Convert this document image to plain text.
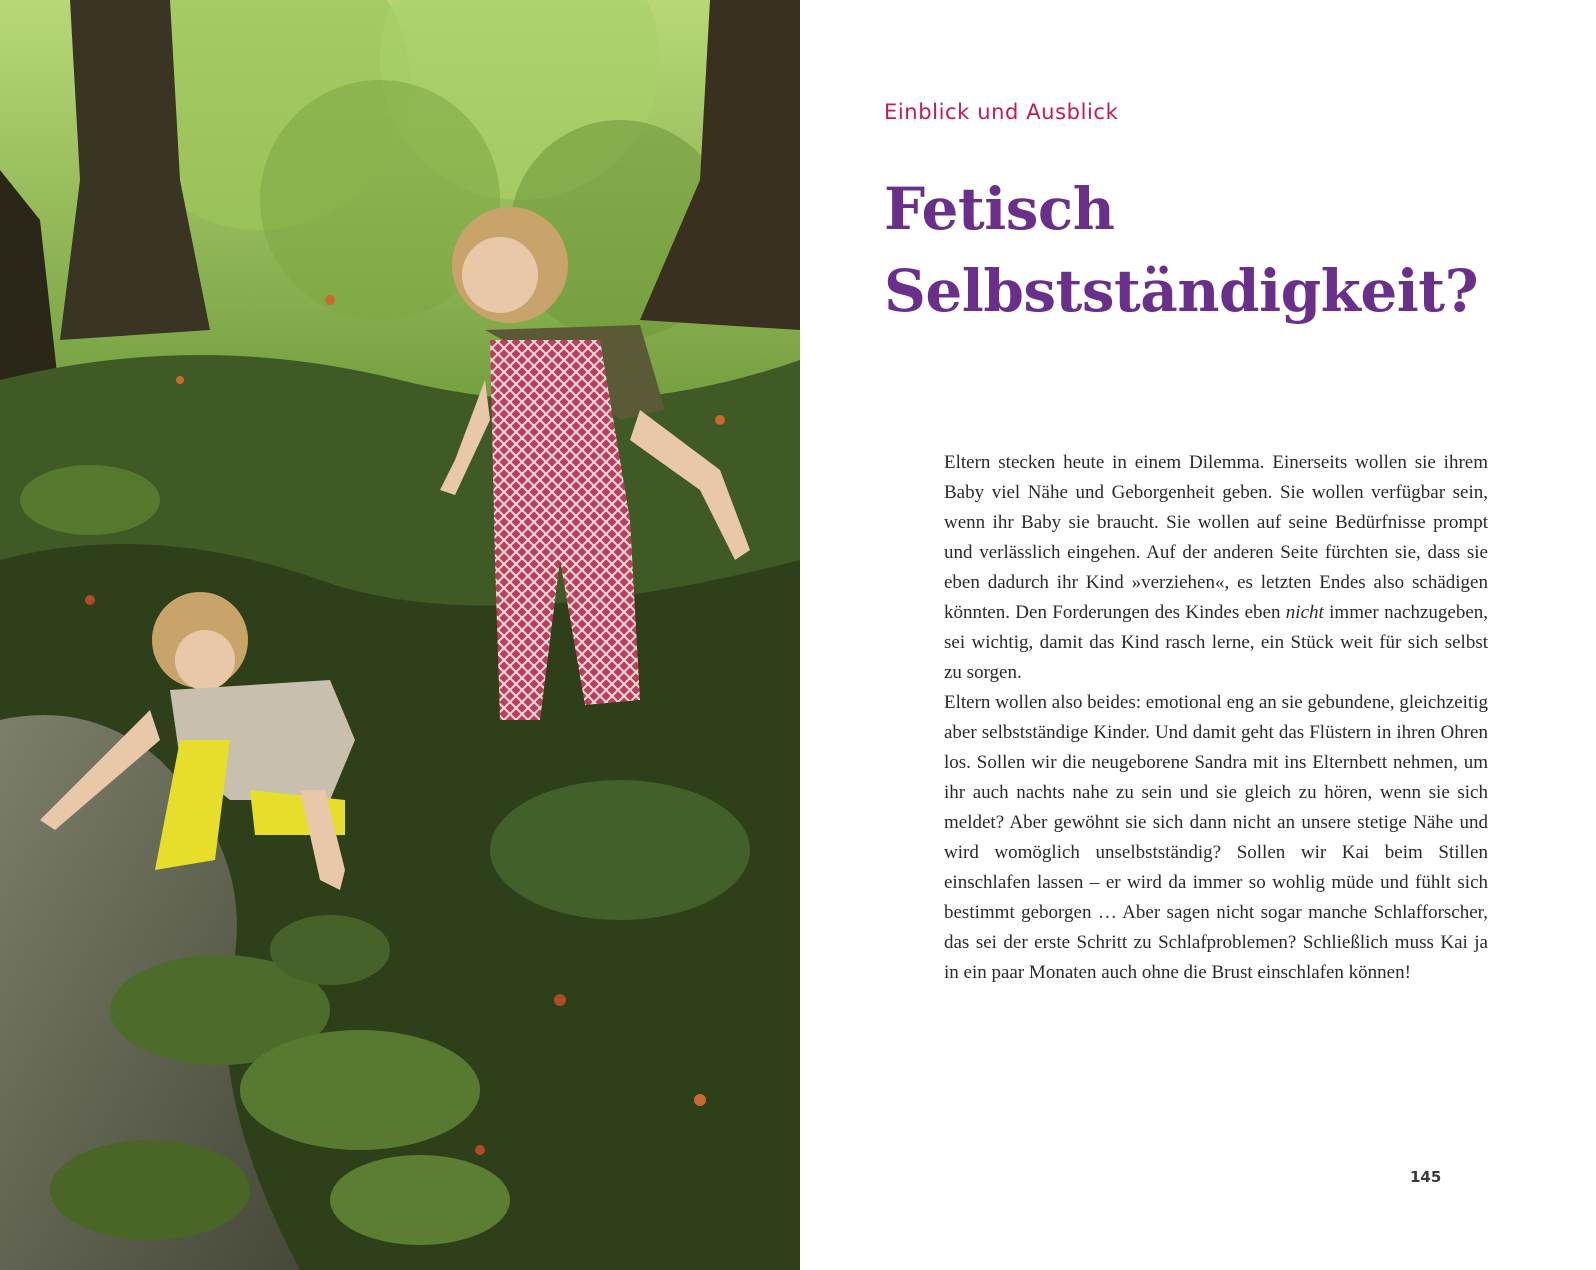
Einblick und Ausblick
Fetisch
Selbstständigkeit?

Eltern stecken heute in einem Dilemma. Einerseits wollen sie ihrem Baby viel Nähe und Geborgenheit geben. Sie wollen verfügbar sein, wenn ihr Baby sie braucht. Sie wollen auf seine Bedürfnisse prompt und verlässlich eingehen. Auf der anderen Seite fürchten sie, dass sie eben dadurch ihr Kind »verziehen«, es letzten Endes also schädigen könnten. Den Forderungen des Kindes eben nicht immer nachzugeben, sei wichtig, damit das Kind rasch lerne, ein Stück weit für sich selbst zu sorgen.

Eltern wollen also beides: emotional eng an sie gebundene, gleichzeitig aber selbstständige Kinder. Und damit geht das Flüstern in ihren Ohren los. Sollen wir die neugeborene Sandra mit ins Elternbett nehmen, um ihr auch nachts nahe zu sein und sie gleich zu hören, wenn sie sich meldet? Aber gewöhnt sie sich dann nicht an unsere stetige Nähe und wird womöglich unselbstständig? Sollen wir Kai beim Stillen einschlafen lassen – er wird da immer so wohlig müde und fühlt sich bestimmt geborgen … Aber sagen nicht sogar manche Schlafforscher, das sei der erste Schritt zu Schlafproblemen? Schließlich muss Kai ja in ein paar Monaten auch ohne die Brust einschlafen können!

145
